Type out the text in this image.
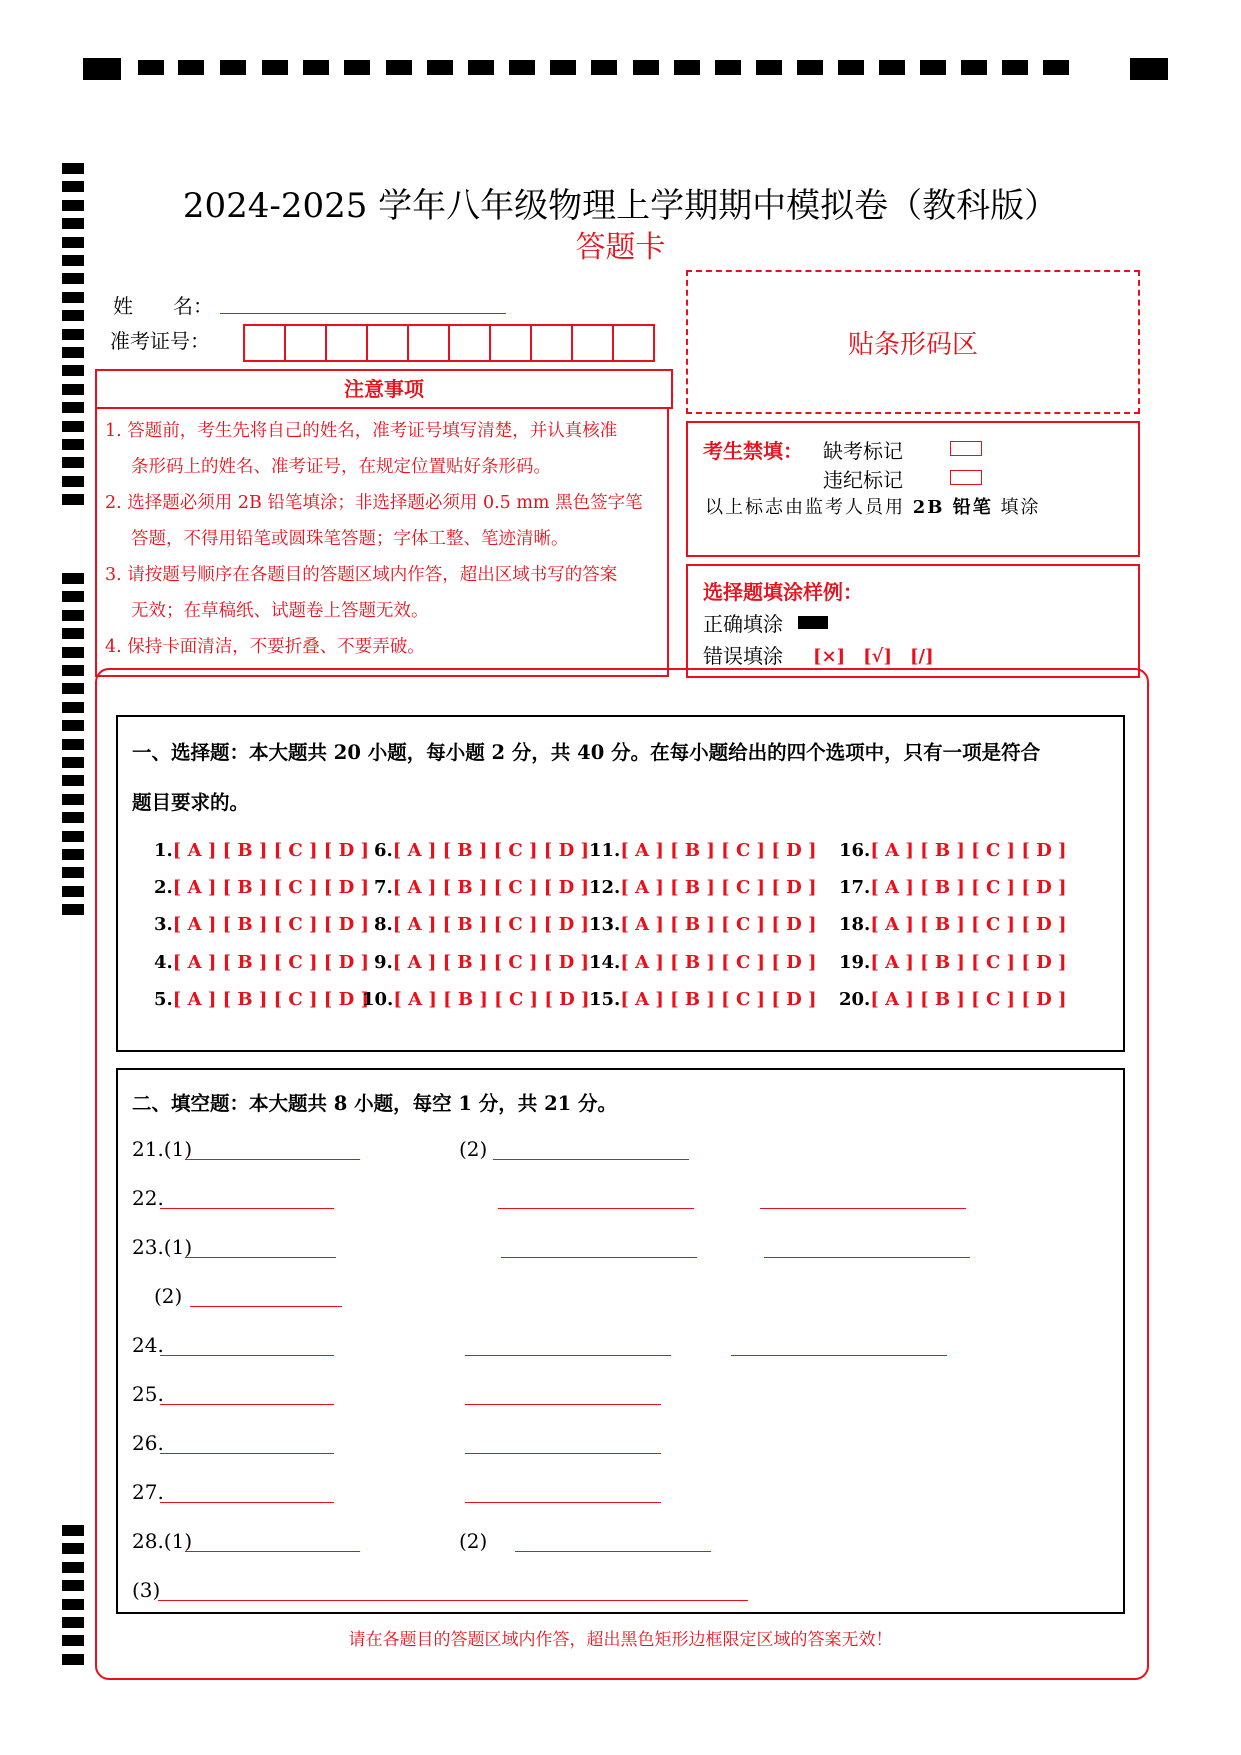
2024-2025 学年八年级物理上学期期中模拟卷（教科版）
答题卡
姓　　名：
准考证号：	贴条形码区
注意事项

1. 答题前，考生先将自己的姓名，准考证号填写清楚，并认真核准

条形码上的姓名、准考证号，在规定位置贴好条形码。

2. 选择题必须用 2B 铅笔填涂；非选择题必须用 0.5 mm 黑色签字笔

答题，不得用铅笔或圆珠笔答题；字体工整、笔迹清晰。

3. 请按题号顺序在各题目的答题区域内作答，超出区域书写的答案

无效；在草稿纸、试题卷上答题无效。

4. 保持卡面清洁，不要折叠、不要弄破。

考生禁填： 缺考标记
违纪标记
以上标志由监考人员用 2B 铅笔 填涂
选择题填涂样例：
正确填涂
错误填涂 [×]　[√]　[/]
一、选择题：本大题共 20 小题，每小题 2 分，共 40 分。在每小题给出的四个选项中，只有一项是符合
题目要求的。
1.[ A ] [ B ] [ C ] [ D ]
2.[ A ] [ B ] [ C ] [ D ]
3.[ A ] [ B ] [ C ] [ D ]
4.[ A ] [ B ] [ C ] [ D ]
5.[ A ] [ B ] [ C ] [ D ]
6.[ A ] [ B ] [ C ] [ D ]
7.[ A ] [ B ] [ C ] [ D ]
8.[ A ] [ B ] [ C ] [ D ]
9.[ A ] [ B ] [ C ] [ D ]
10.[ A ] [ B ] [ C ] [ D ]
11.[ A ] [ B ] [ C ] [ D ]
12.[ A ] [ B ] [ C ] [ D ]
13.[ A ] [ B ] [ C ] [ D ]
14.[ A ] [ B ] [ C ] [ D ]
15.[ A ] [ B ] [ C ] [ D ]
16.[ A ] [ B ] [ C ] [ D ]
17.[ A ] [ B ] [ C ] [ D ]
18.[ A ] [ B ] [ C ] [ D ]
19.[ A ] [ B ] [ C ] [ D ]
20.[ A ] [ B ] [ C ] [ D ]
二、填空题：本大题共 8 小题，每空 1 分，共 21 分。
21.(1)	(2)
22.
23.(1)
(2)
24.
25.
26.
27.
28.(1)	(2)
(3)
请在各题目的答题区域内作答，超出黑色矩形边框限定区域的答案无效！
